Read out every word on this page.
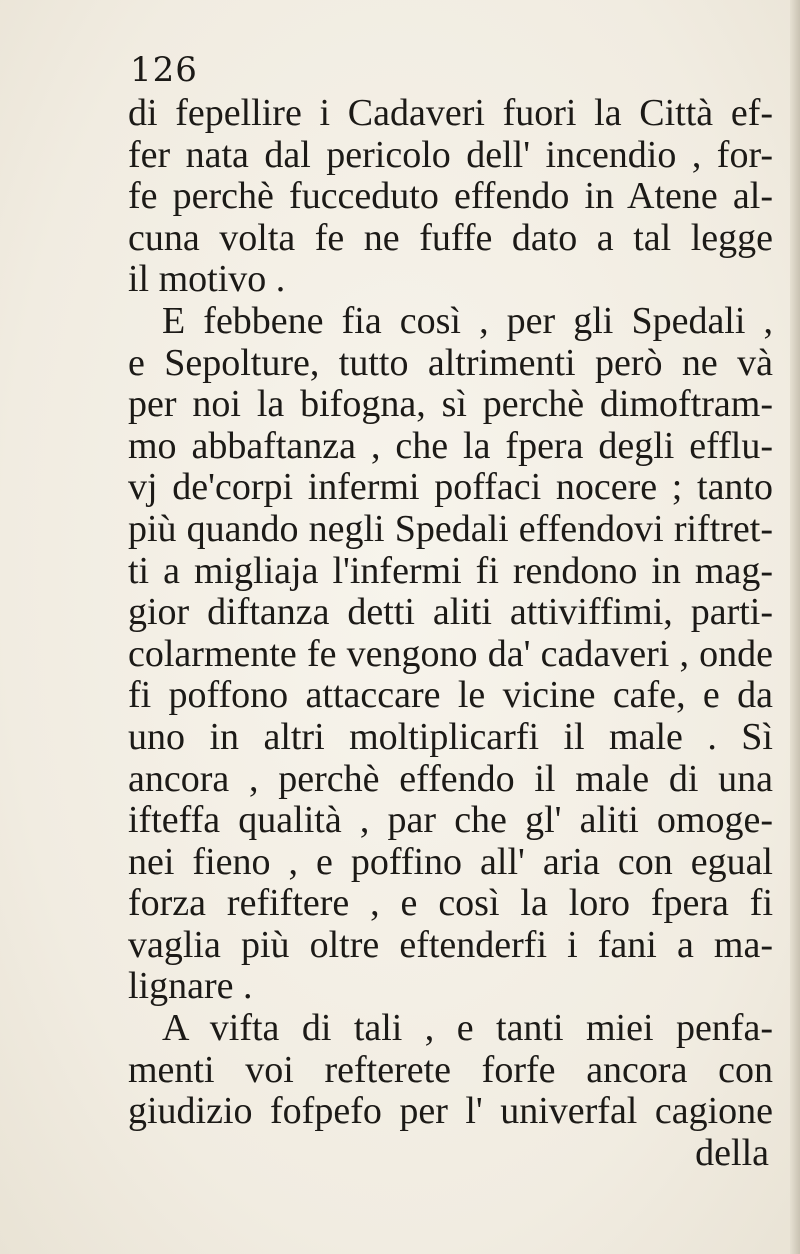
126
di fepellire i Cadaveri fuori la Città ef-
fer nata dal pericolo dell' incendio , for-
fe perchè fucceduto effendo in Atene al-
cuna volta fe ne fuffe dato a tal legge
il motivo .
E febbene fia così , per gli Spedali ,
e Sepolture, tutto altrimenti però ne và
per noi la bifogna, sì perchè dimoftram-
mo abbaftanza , che la fpera degli efflu-
vj de'corpi infermi poffaci nocere ; tanto
più quando negli Spedali effendovi riftret-
ti a migliaja l'infermi fi rendono in mag-
gior diftanza detti aliti attiviffimi, parti-
colarmente fe vengono da' cadaveri , onde
fi poffono attaccare le vicine cafe, e da
uno in altri moltiplicarfi il male . Sì
ancora , perchè effendo il male di una
ifteffa qualità , par che gl' aliti omoge-
nei fieno , e poffino all' aria con egual
forza refiftere , e così la loro fpera fi
vaglia più oltre eftenderfi i fani a ma-
lignare .
A vifta di tali , e tanti miei penfa-
menti voi refterete forfe ancora con
giudizio fofpefo per l' univerfal cagione
della
